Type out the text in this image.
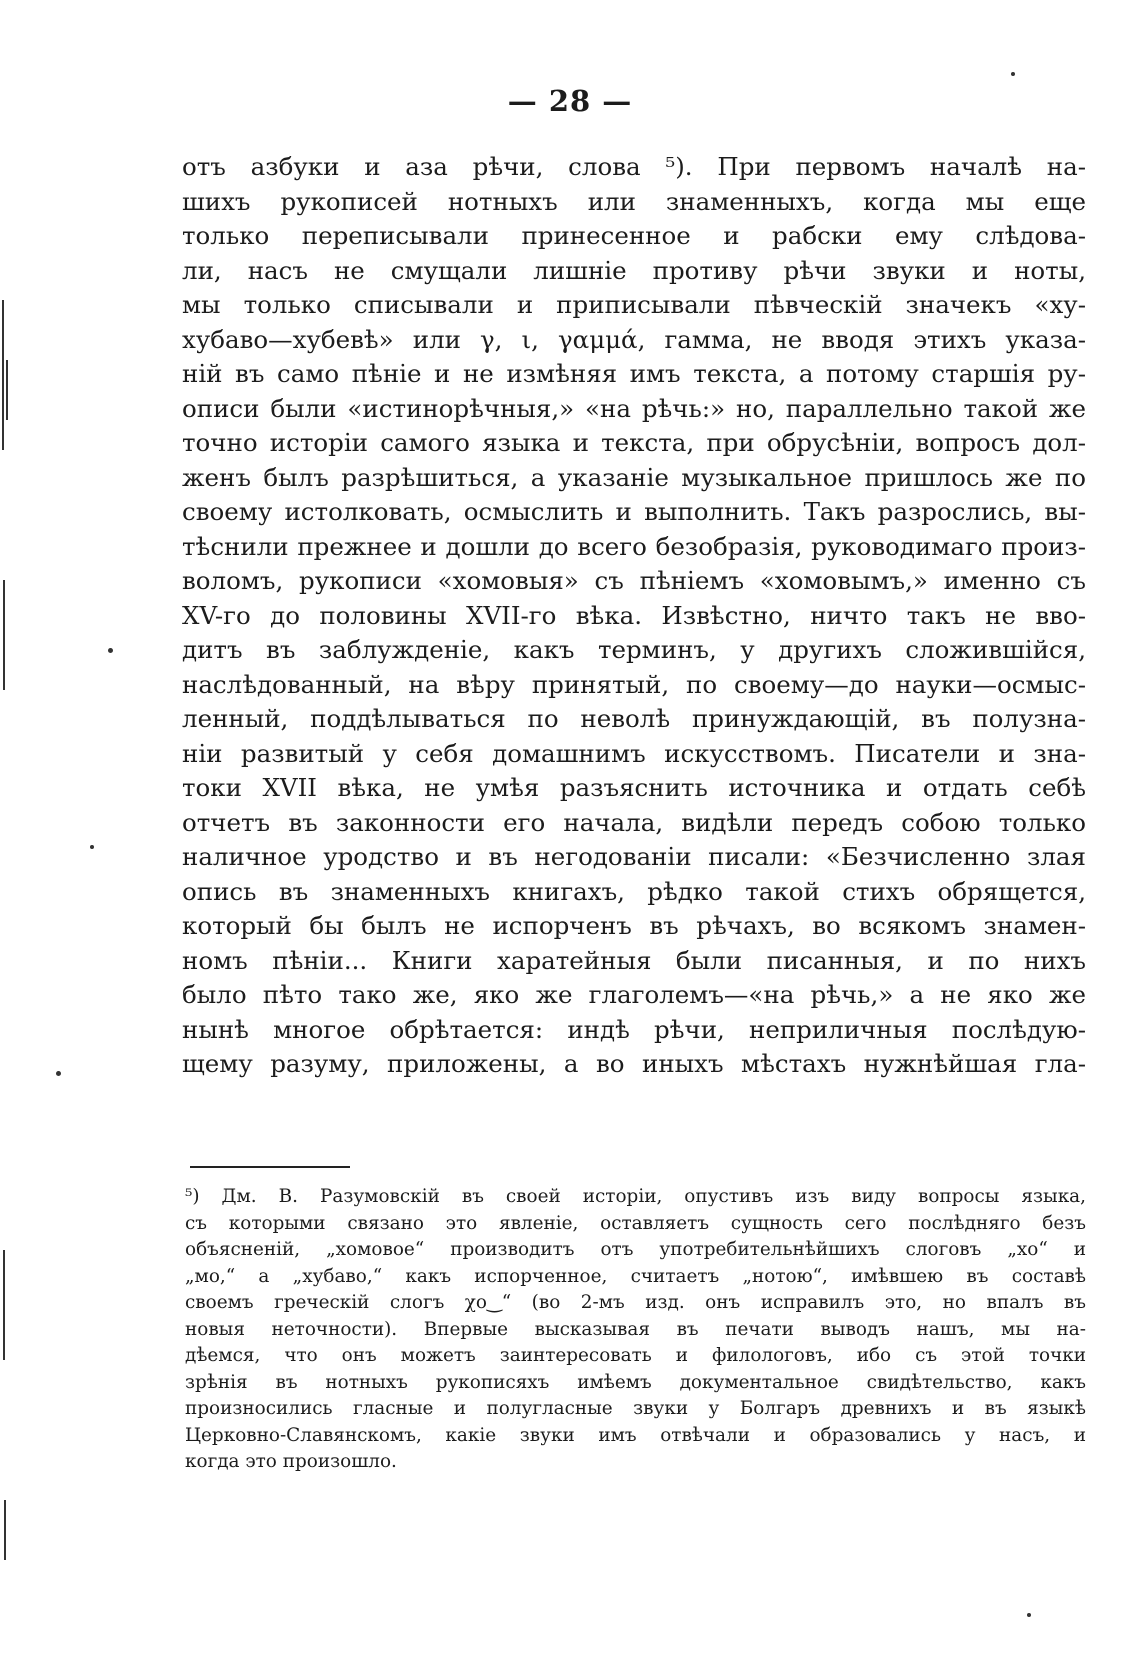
— 28 —
отъ азбуки и аза рѣчи, слова ⁵). При первомъ началѣ на-
шихъ рукописей нотныхъ или знаменныхъ, когда мы еще
только переписывали принесенное и рабски ему слѣдова-
ли, насъ не смущали лишніе противу рѣчи звуки и ноты,
мы только списывали и приписывали пѣвческій значекъ «ху-
хубаво—хубевѣ» или γ, ι, γαμμά, гамма, не вводя этихъ указа-
ній въ само пѣніе и не измѣняя имъ текста, а потому старшія ру-
описи были «истинорѣчныя,» «на рѣчь:» но, параллельно такой же
точно исторіи самого языка и текста, при обрусѣніи, вопросъ дол-
женъ былъ разрѣшиться, а указаніе музыкальное пришлось же по
своему истолковать, осмыслить и выполнить. Такъ разрослись, вы-
тѣснили прежнее и дошли до всего безобразія, руководимаго произ-
воломъ, рукописи «хомовыя» съ пѣніемъ «хомовымъ,» именно съ
XV-го до половины XVII-го вѣка. Извѣстно, ничто такъ не вво-
дитъ въ заблужденіе, какъ терминъ, у другихъ сложившійся,
наслѣдованный, на вѣру принятый, по своему—до науки—осмыс-
ленный, поддѣлываться по неволѣ принуждающій, въ полузна-
ніи развитый у себя домашнимъ искусствомъ. Писатели и зна-
токи XVII вѣка, не умѣя разъяснить источника и отдать себѣ
отчетъ въ законности его начала, видѣли передъ собою только
наличное уродство и въ негодованіи писали: «Безчисленно злая
опись въ знаменныхъ книгахъ, рѣдко такой стихъ обрящется,
который бы былъ не испорченъ въ рѣчахъ, во всякомъ знамен-
номъ пѣніи... Книги харатейныя были писанныя, и по нихъ
было пѣто тако же, яко же глаголемъ—«на рѣчь,» а не яко же
нынѣ многое обрѣтается: индѣ рѣчи, неприличныя послѣдую-
щему разуму, приложены, а во иныхъ мѣстахъ нужнѣйшая гла-
⁵) Дм. В. Разумовскій въ своей исторіи, опустивъ изъ виду вопросы языка,
съ которыми связано это явленіе, оставляетъ сущность сего послѣдняго безъ
объясненій, „хомовое“ производитъ отъ употребительнѣйшихъ слоговъ „хо“ и
„мо,“ а „хубаво,“ какъ испорченное, считаетъ „нотою“, имѣвшею въ составѣ
своемъ греческій слогъ χο‿“ (во 2-мъ изд. онъ исправилъ это, но впалъ въ
новыя неточности). Впервые высказывая въ печати выводъ нашъ, мы на-
дѣемся, что онъ можетъ заинтересовать и филологовъ, ибо съ этой точки
зрѣнія въ нотныхъ рукописяхъ имѣемъ документальное свидѣтельство, какъ
произносились гласные и полугласные звуки у Болгаръ древнихъ и въ языкѣ
Церковно-Славянскомъ, какіе звуки имъ отвѣчали и образовались у насъ, и
когда это произошло.
